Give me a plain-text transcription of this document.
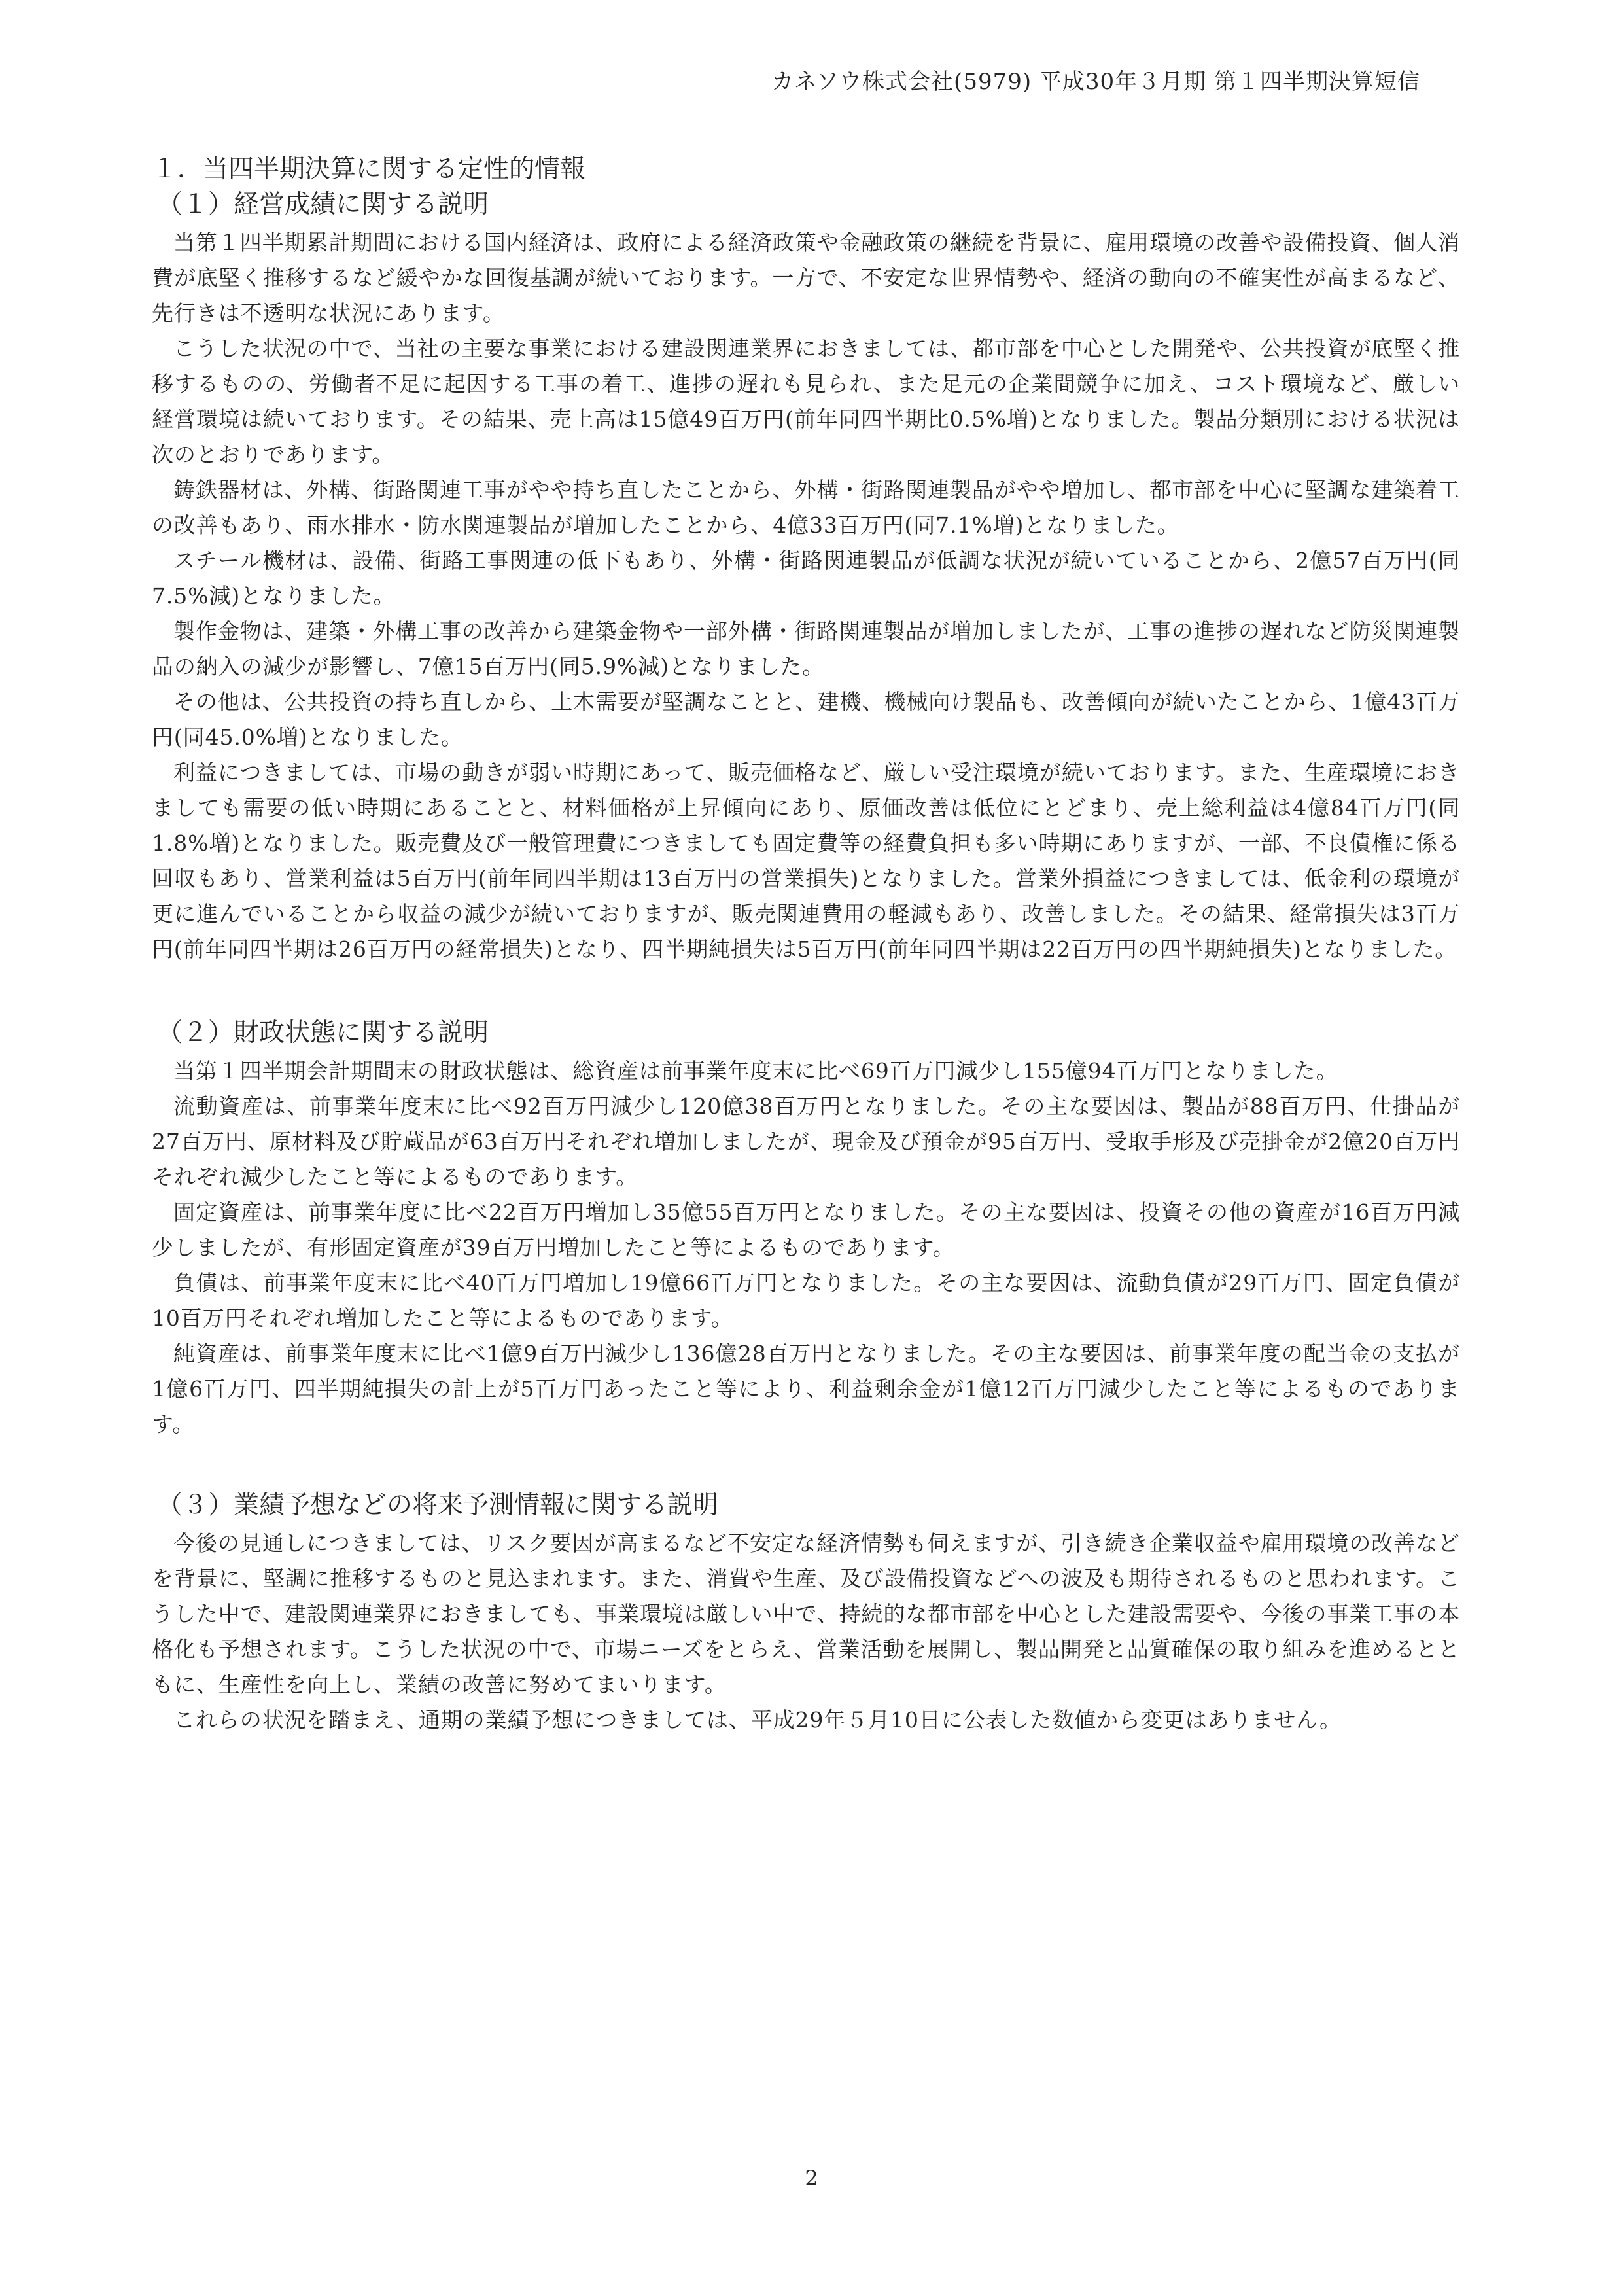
カネソウ株式会社(5979) 平成30年３月期 第１四半期決算短信
１．当四半期決算に関する定性的情報
（１）経営成績に関する説明

当第１四半期累計期間における国内経済は、政府による経済政策や金融政策の継続を背景に、雇用環境の改善や設備投資、個人消費が底堅く推移するなど緩やかな回復基調が続いております。一方で、不安定な世界情勢や、経済の動向の不確実性が高まるなど、先行きは不透明な状況にあります。

こうした状況の中で、当社の主要な事業における建設関連業界におきましては、都市部を中心とした開発や、公共投資が底堅く推移するものの、労働者不足に起因する工事の着工、進捗の遅れも見られ、また足元の企業間競争に加え、コスト環境など、厳しい経営環境は続いております。その結果、売上高は15億49百万円(前年同四半期比0.5%増)となりました。製品分類別における状況は次のとおりであります。

鋳鉄器材は、外構、街路関連工事がやや持ち直したことから、外構・街路関連製品がやや増加し、都市部を中心に堅調な建築着工の改善もあり、雨水排水・防水関連製品が増加したことから、4億33百万円(同7.1%増)となりました。

スチール機材は、設備、街路工事関連の低下もあり、外構・街路関連製品が低調な状況が続いていることから、2億57百万円(同7.5%減)となりました。

製作金物は、建築・外構工事の改善から建築金物や一部外構・街路関連製品が増加しましたが、工事の進捗の遅れなど防災関連製品の納入の減少が影響し、7億15百万円(同5.9%減)となりました。

その他は、公共投資の持ち直しから、土木需要が堅調なことと、建機、機械向け製品も、改善傾向が続いたことから、1億43百万円(同45.0%増)となりました。

利益につきましては、市場の動きが弱い時期にあって、販売価格など、厳しい受注環境が続いております。また、生産環境におきましても需要の低い時期にあることと、材料価格が上昇傾向にあり、原価改善は低位にとどまり、売上総利益は4億84百万円(同1.8%増)となりました。販売費及び一般管理費につきましても固定費等の経費負担も多い時期にありますが、一部、不良債権に係る回収もあり、営業利益は5百万円(前年同四半期は13百万円の営業損失)となりました。営業外損益につきましては、低金利の環境が更に進んでいることから収益の減少が続いておりますが、販売関連費用の軽減もあり、改善しました。その結果、経常損失は3百万円(前年同四半期は26百万円の経常損失)となり、四半期純損失は5百万円(前年同四半期は22百万円の四半期純損失)となりました。

（２）財政状態に関する説明

当第１四半期会計期間末の財政状態は、総資産は前事業年度末に比べ69百万円減少し155億94百万円となりました。

流動資産は、前事業年度末に比べ92百万円減少し120億38百万円となりました。その主な要因は、製品が88百万円、仕掛品が27百万円、原材料及び貯蔵品が63百万円それぞれ増加しましたが、現金及び預金が95百万円、受取手形及び売掛金が2億20百万円それぞれ減少したこと等によるものであります。

固定資産は、前事業年度に比べ22百万円増加し35億55百万円となりました。その主な要因は、投資その他の資産が16百万円減少しましたが、有形固定資産が39百万円増加したこと等によるものであります。

負債は、前事業年度末に比べ40百万円増加し19億66百万円となりました。その主な要因は、流動負債が29百万円、固定負債が10百万円それぞれ増加したこと等によるものであります。

純資産は、前事業年度末に比べ1億9百万円減少し136億28百万円となりました。その主な要因は、前事業年度の配当金の支払が1億6百万円、四半期純損失の計上が5百万円あったこと等により、利益剰余金が1億12百万円減少したこと等によるものであります。

（３）業績予想などの将来予測情報に関する説明

今後の見通しにつきましては、リスク要因が高まるなど不安定な経済情勢も伺えますが、引き続き企業収益や雇用環境の改善などを背景に、堅調に推移するものと見込まれます。また、消費や生産、及び設備投資などへの波及も期待されるものと思われます。こうした中で、建設関連業界におきましても、事業環境は厳しい中で、持続的な都市部を中心とした建設需要や、今後の事業工事の本格化も予想されます。こうした状況の中で、市場ニーズをとらえ、営業活動を展開し、製品開発と品質確保の取り組みを進めるとともに、生産性を向上し、業績の改善に努めてまいります。

これらの状況を踏まえ、通期の業績予想につきましては、平成29年５月10日に公表した数値から変更はありません。

2
